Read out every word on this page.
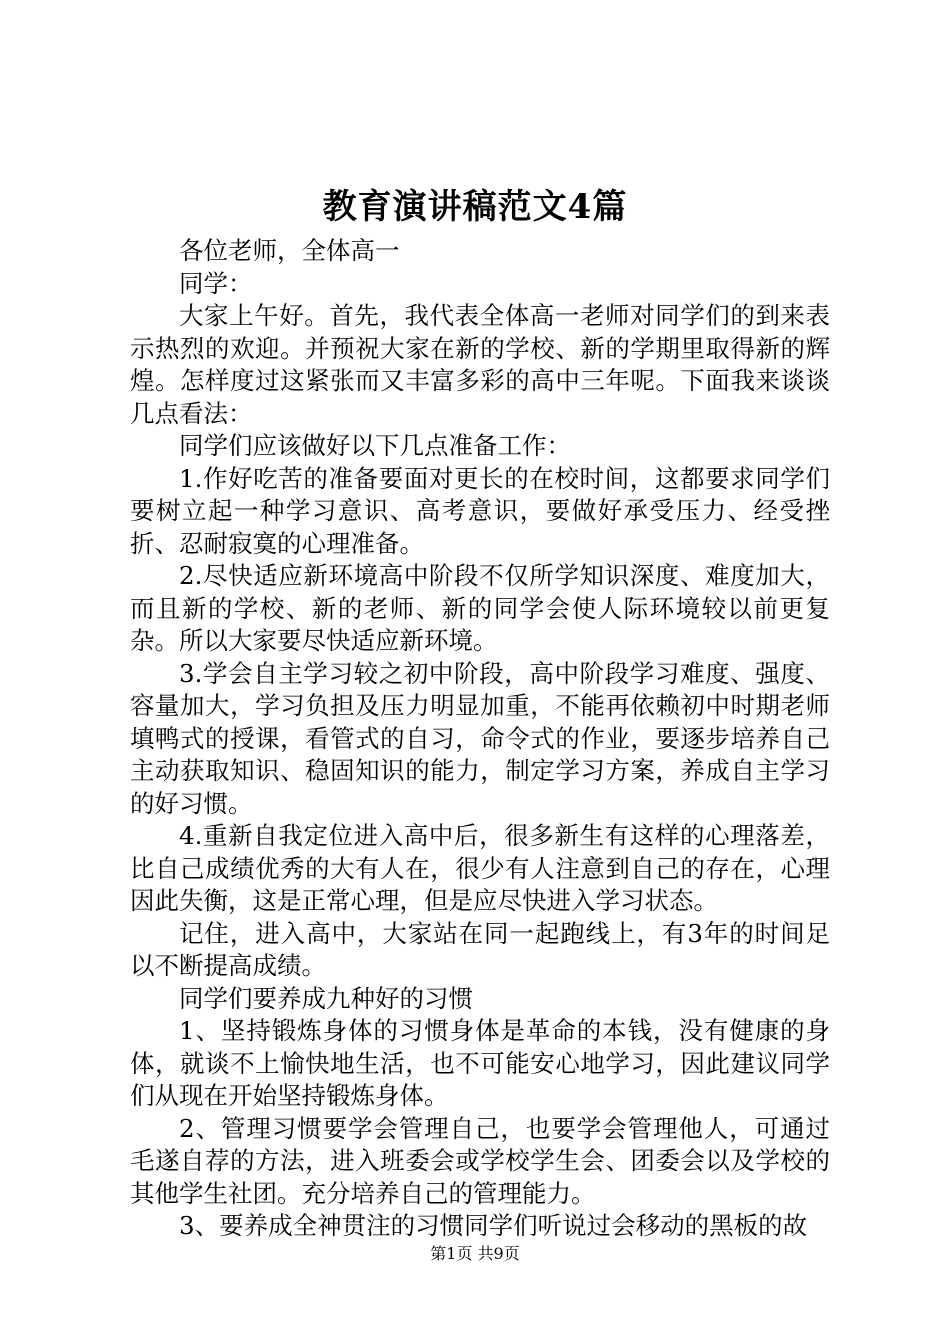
教育演讲稿范文4篇

各位老师，全体高一

同学：

大家上午好。首先，我代表全体高一老师对同学们的到来表示热烈的欢迎。并预祝大家在新的学校、新的学期里取得新的辉煌。怎样度过这紧张而又丰富多彩的高中三年呢。下面我来谈谈几点看法：

同学们应该做好以下几点准备工作：

1.作好吃苦的准备要面对更长的在校时间，这都要求同学们要树立起一种学习意识、高考意识，要做好承受压力、经受挫折、忍耐寂寞的心理准备。

2.尽快适应新环境高中阶段不仅所学知识深度、难度加大，而且新的学校、新的老师、新的同学会使人际环境较以前更复杂。所以大家要尽快适应新环境。

3.学会自主学习较之初中阶段，高中阶段学习难度、强度、容量加大，学习负担及压力明显加重，不能再依赖初中时期老师填鸭式的授课，看管式的自习，命令式的作业，要逐步培养自己主动获取知识、稳固知识的能力，制定学习方案，养成自主学习的好习惯。

4.重新自我定位进入高中后，很多新生有这样的心理落差，比自己成绩优秀的大有人在，很少有人注意到自己的存在，心理因此失衡，这是正常心理，但是应尽快进入学习状态。

记住，进入高中，大家站在同一起跑线上，有3年的时间足以不断提高成绩。

同学们要养成九种好的习惯

1、坚持锻炼身体的习惯身体是革命的本钱，没有健康的身体，就谈不上愉快地生活，也不可能安心地学习，因此建议同学们从现在开始坚持锻炼身体。

2、管理习惯要学会管理自己，也要学会管理他人，可通过毛遂自荐的方法，进入班委会或学校学生会、团委会以及学校的其他学生社团。充分培养自己的管理能力。

3、要养成全神贯注的习惯同学们听说过会移动的黑板的故

第1页 共9页
